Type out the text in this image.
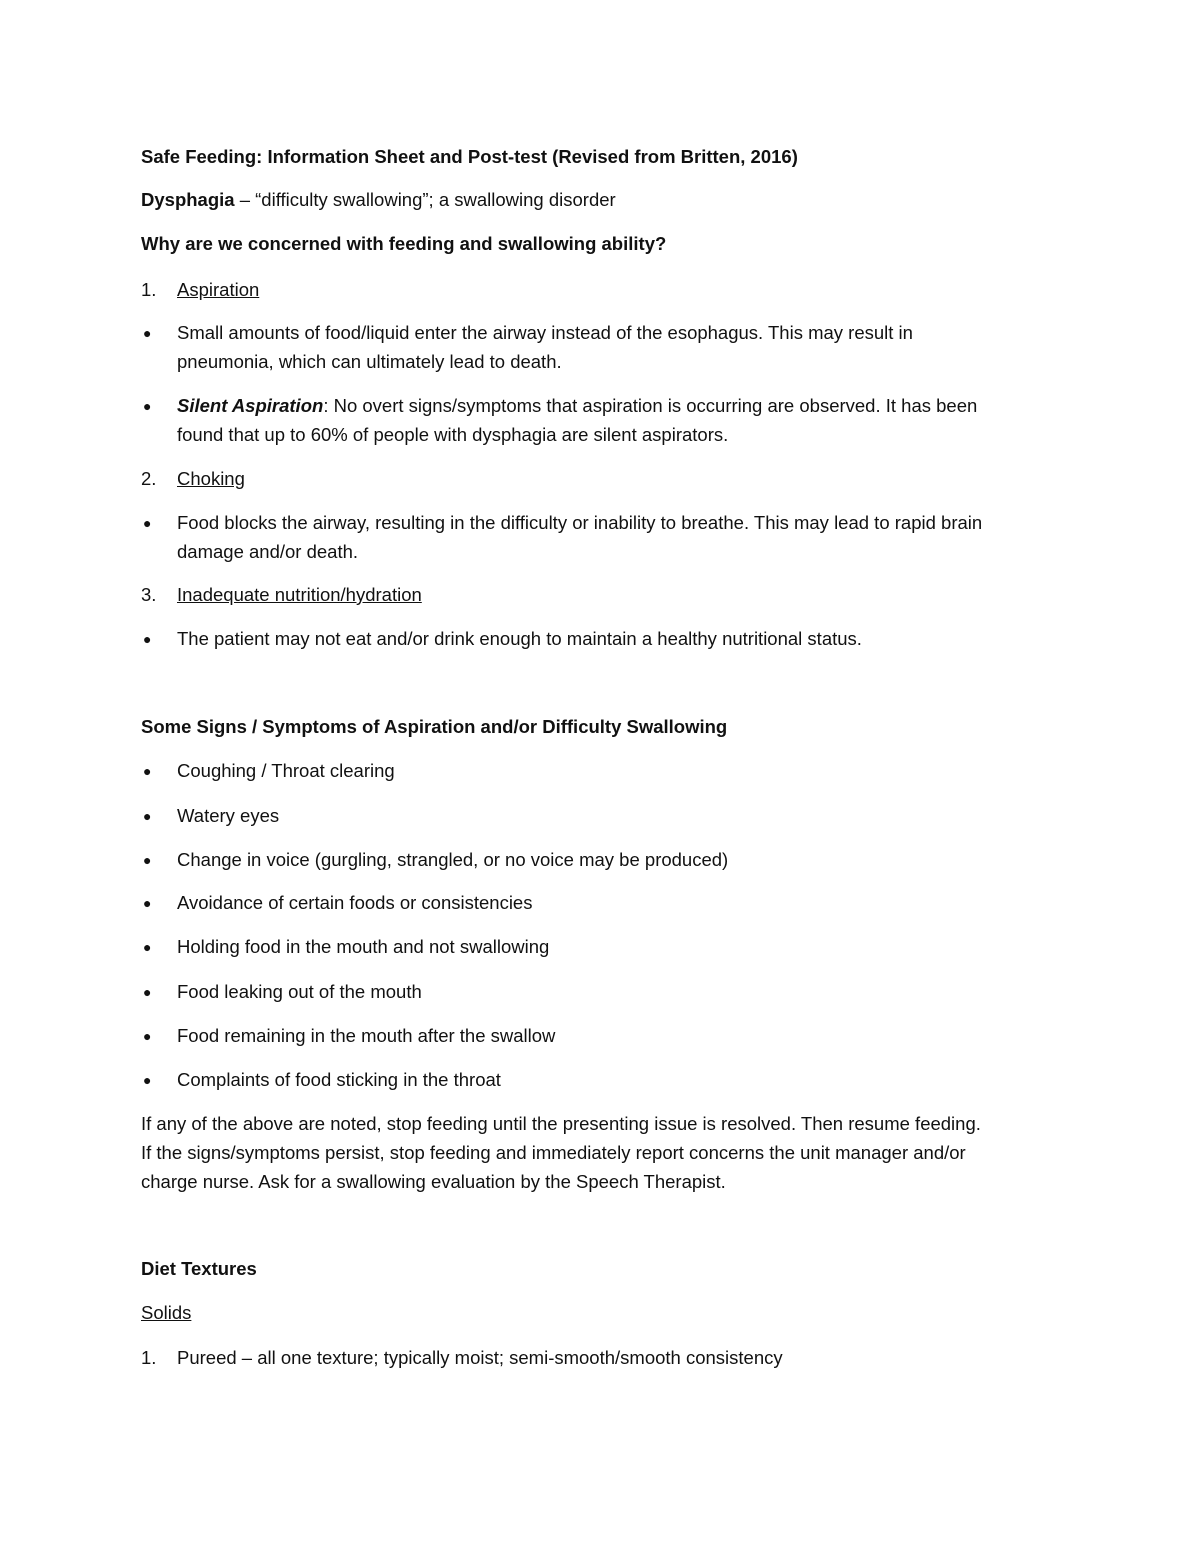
Safe Feeding: Information Sheet and Post-test (Revised from Britten, 2016)
Dysphagia – “difficulty swallowing”; a swallowing disorder
Why are we concerned with feeding and swallowing ability?
1. Aspiration
● Small amounts of food/liquid enter the airway instead of the esophagus. This may result in
pneumonia, which can ultimately lead to death.
● Silent Aspiration: No overt signs/symptoms that aspiration is occurring are observed. It has been
found that up to 60% of people with dysphagia are silent aspirators.
2. Choking
● Food blocks the airway, resulting in the difficulty or inability to breathe. This may lead to rapid brain
damage and/or death.
3. Inadequate nutrition/hydration
● The patient may not eat and/or drink enough to maintain a healthy nutritional status.
Some Signs / Symptoms of Aspiration and/or Difficulty Swallowing
● Coughing / Throat clearing
● Watery eyes
● Change in voice (gurgling, strangled, or no voice may be produced)
● Avoidance of certain foods or consistencies
● Holding food in the mouth and not swallowing
● Food leaking out of the mouth
● Food remaining in the mouth after the swallow
● Complaints of food sticking in the throat
If any of the above are noted, stop feeding until the presenting issue is resolved. Then resume feeding.
If the signs/symptoms persist, stop feeding and immediately report concerns the unit manager and/or
charge nurse. Ask for a swallowing evaluation by the Speech Therapist.
Diet Textures
Solids
1. Pureed – all one texture; typically moist; semi-smooth/smooth consistency
